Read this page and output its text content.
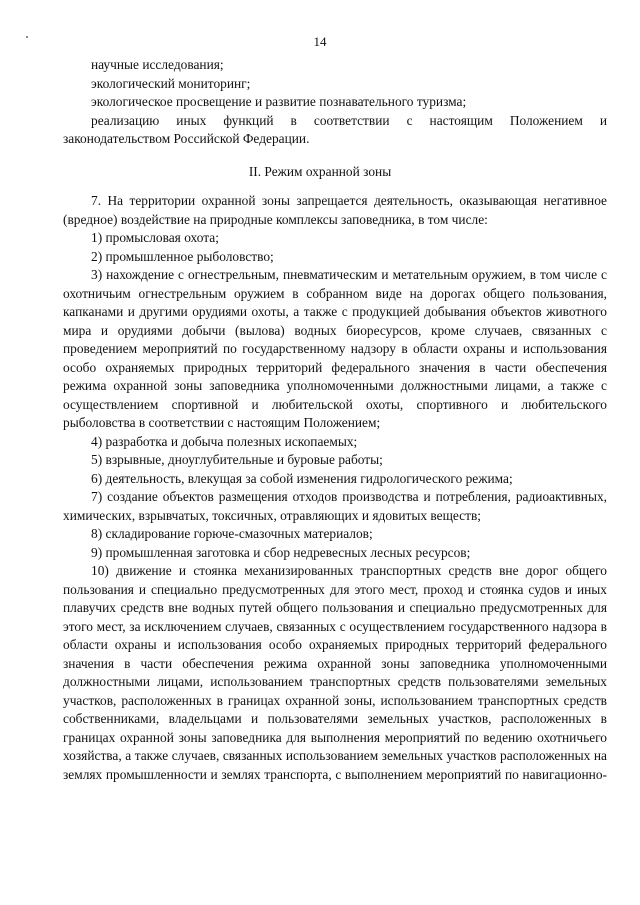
14

научные исследования;

экологический мониторинг;

экологическое просвещение и развитие познавательного туризма;

реализацию иных функций в соответствии с настоящим Положением и законодательством Российской Федерации.

II. Режим охранной зоны

7. На территории охранной зоны запрещается деятельность, оказывающая негативное (вредное) воздействие на природные комплексы заповедника, в том числе:

1) промысловая охота;

2) промышленное рыболовство;

3) нахождение с огнестрельным, пневматическим и метательным оружием, в том числе с охотничьим огнестрельным оружием в собранном виде на дорогах общего пользования, капканами и другими орудиями охоты, а также с продукцией добывания объектов животного мира и орудиями добычи (вылова) водных биоресурсов, кроме случаев, связанных с проведением мероприятий по государственному надзору в области охраны и использования особо охраняемых природных территорий федерального значения в части обеспечения режима охранной зоны заповедника уполномоченными должностными лицами, а также с осуществлением спортивной и любительской охоты, спортивного и любительского рыболовства в соответствии с настоящим Положением;

4) разработка и добыча полезных ископаемых;

5) взрывные, дноуглубительные и буровые работы;

6) деятельность, влекущая за собой изменения гидрологического режима;

7) создание объектов размещения отходов производства и потребления, радиоактивных, химических, взрывчатых, токсичных, отравляющих и ядовитых веществ;

8) складирование горюче-смазочных материалов;

9) промышленная заготовка и сбор недревесных лесных ресурсов;

10) движение и стоянка механизированных транспортных средств вне дорог общего пользования и специально предусмотренных для этого мест, проход и стоянка судов и иных плавучих средств вне водных путей общего пользования и специально предусмотренных для этого мест, за исключением случаев, связанных с осуществлением государственного надзора в области охраны и использования особо охраняемых природных территорий федерального значения в части обеспечения режима охранной зоны заповедника уполномоченными должностными лицами, использованием транспортных средств пользователями земельных участков, расположенных в границах охранной зоны, использованием транспортных средств собственниками, владельцами и пользователями земельных участков, расположенных в границах охранной зоны заповедника для выполнения мероприятий по ведению охотничьего хозяйства, а также случаев, связанных использованием земельных участков расположенных на землях промышленности и землях транспорта, с выполнением мероприятий по навигационно-
